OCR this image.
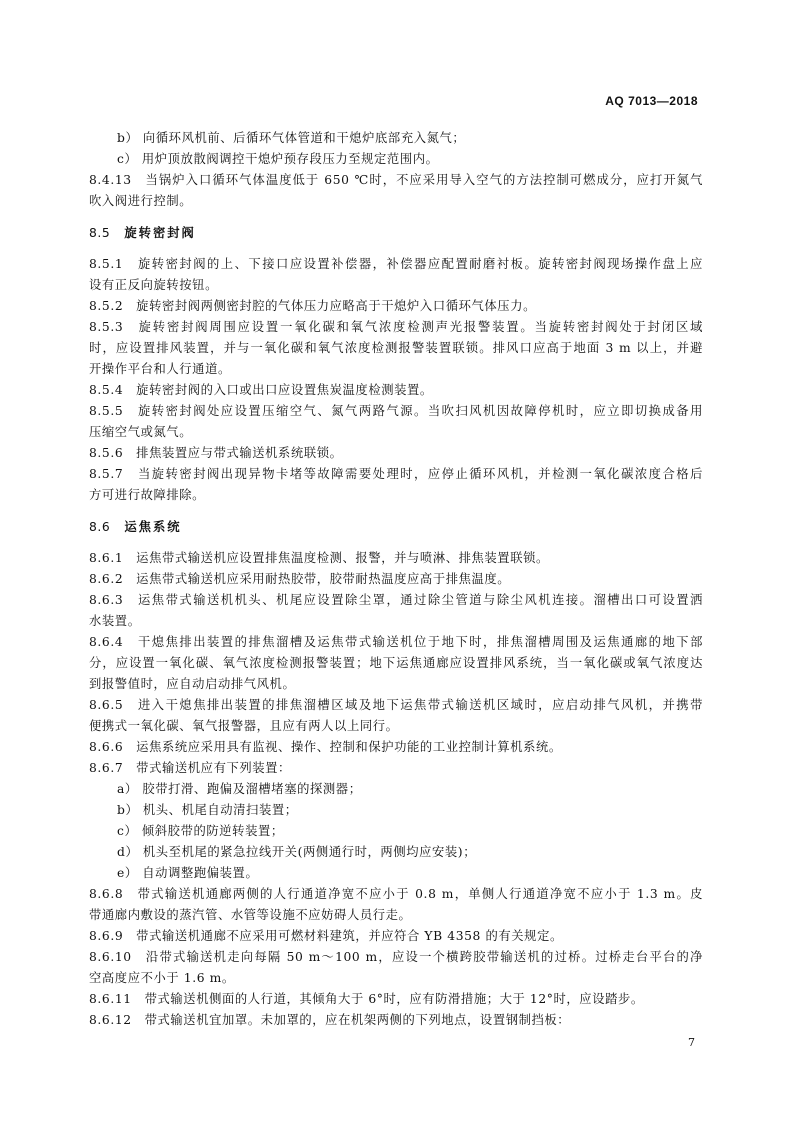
AQ 7013—2018
b） 向循环风机前、后循环气体管道和干熄炉底部充入氮气；
c） 用炉顶放散阀调控干熄炉预存段压力至规定范围内。
8.4.13　当锅炉入口循环气体温度低于 650 ℃时，不应采用导入空气的方法控制可燃成分，应打开氮气
吹入阀进行控制。
8.5 旋转密封阀
8.5.1　旋转密封阀的上、下接口应设置补偿器，补偿器应配置耐磨衬板。旋转密封阀现场操作盘上应
设有正反向旋转按钮。
8.5.2　旋转密封阀两侧密封腔的气体压力应略高于干熄炉入口循环气体压力。
8.5.3　旋转密封阀周围应设置一氧化碳和氧气浓度检测声光报警装置。当旋转密封阀处于封闭区域
时，应设置排风装置，并与一氧化碳和氧气浓度检测报警装置联锁。排风口应高于地面 3 m 以上，并避
开操作平台和人行通道。
8.5.4　旋转密封阀的入口或出口应设置焦炭温度检测装置。
8.5.5　旋转密封阀处应设置压缩空气、氮气两路气源。当吹扫风机因故障停机时，应立即切换成备用
压缩空气或氮气。
8.5.6　排焦装置应与带式输送机系统联锁。
8.5.7　当旋转密封阀出现异物卡堵等故障需要处理时，应停止循环风机，并检测一氧化碳浓度合格后
方可进行故障排除。
8.6 运焦系统
8.6.1　运焦带式输送机应设置排焦温度检测、报警，并与喷淋、排焦装置联锁。
8.6.2　运焦带式输送机应采用耐热胶带，胶带耐热温度应高于排焦温度。
8.6.3　运焦带式输送机机头、机尾应设置除尘罩，通过除尘管道与除尘风机连接。溜槽出口可设置洒
水装置。
8.6.4　干熄焦排出装置的排焦溜槽及运焦带式输送机位于地下时，排焦溜槽周围及运焦通廊的地下部
分，应设置一氧化碳、氧气浓度检测报警装置；地下运焦通廊应设置排风系统，当一氧化碳或氧气浓度达
到报警值时，应自动启动排气风机。
8.6.5　进入干熄焦排出装置的排焦溜槽区域及地下运焦带式输送机区域时，应启动排气风机，并携带
便携式一氧化碳、氧气报警器，且应有两人以上同行。
8.6.6　运焦系统应采用具有监视、操作、控制和保护功能的工业控制计算机系统。
8.6.7　带式输送机应有下列装置：
a） 胶带打滑、跑偏及溜槽堵塞的探测器；
b） 机头、机尾自动清扫装置；
c） 倾斜胶带的防逆转装置；
d） 机头至机尾的紧急拉线开关(两侧通行时，两侧均应安装)；
e） 自动调整跑偏装置。
8.6.8　带式输送机通廊两侧的人行通道净宽不应小于 0.8 m，单侧人行通道净宽不应小于 1.3 m。皮
带通廊内敷设的蒸汽管、水管等设施不应妨碍人员行走。
8.6.9　带式输送机通廊不应采用可燃材料建筑，并应符合 YB 4358 的有关规定。
8.6.10　沿带式输送机走向每隔 50 m～100 m，应设一个横跨胶带输送机的过桥。过桥走台平台的净
空高度应不小于 1.6 m。
8.6.11　带式输送机侧面的人行道，其倾角大于 6°时，应有防滑措施；大于 12°时，应设踏步。
8.6.12　带式输送机宜加罩。未加罩的，应在机架两侧的下列地点，设置钢制挡板：
7
